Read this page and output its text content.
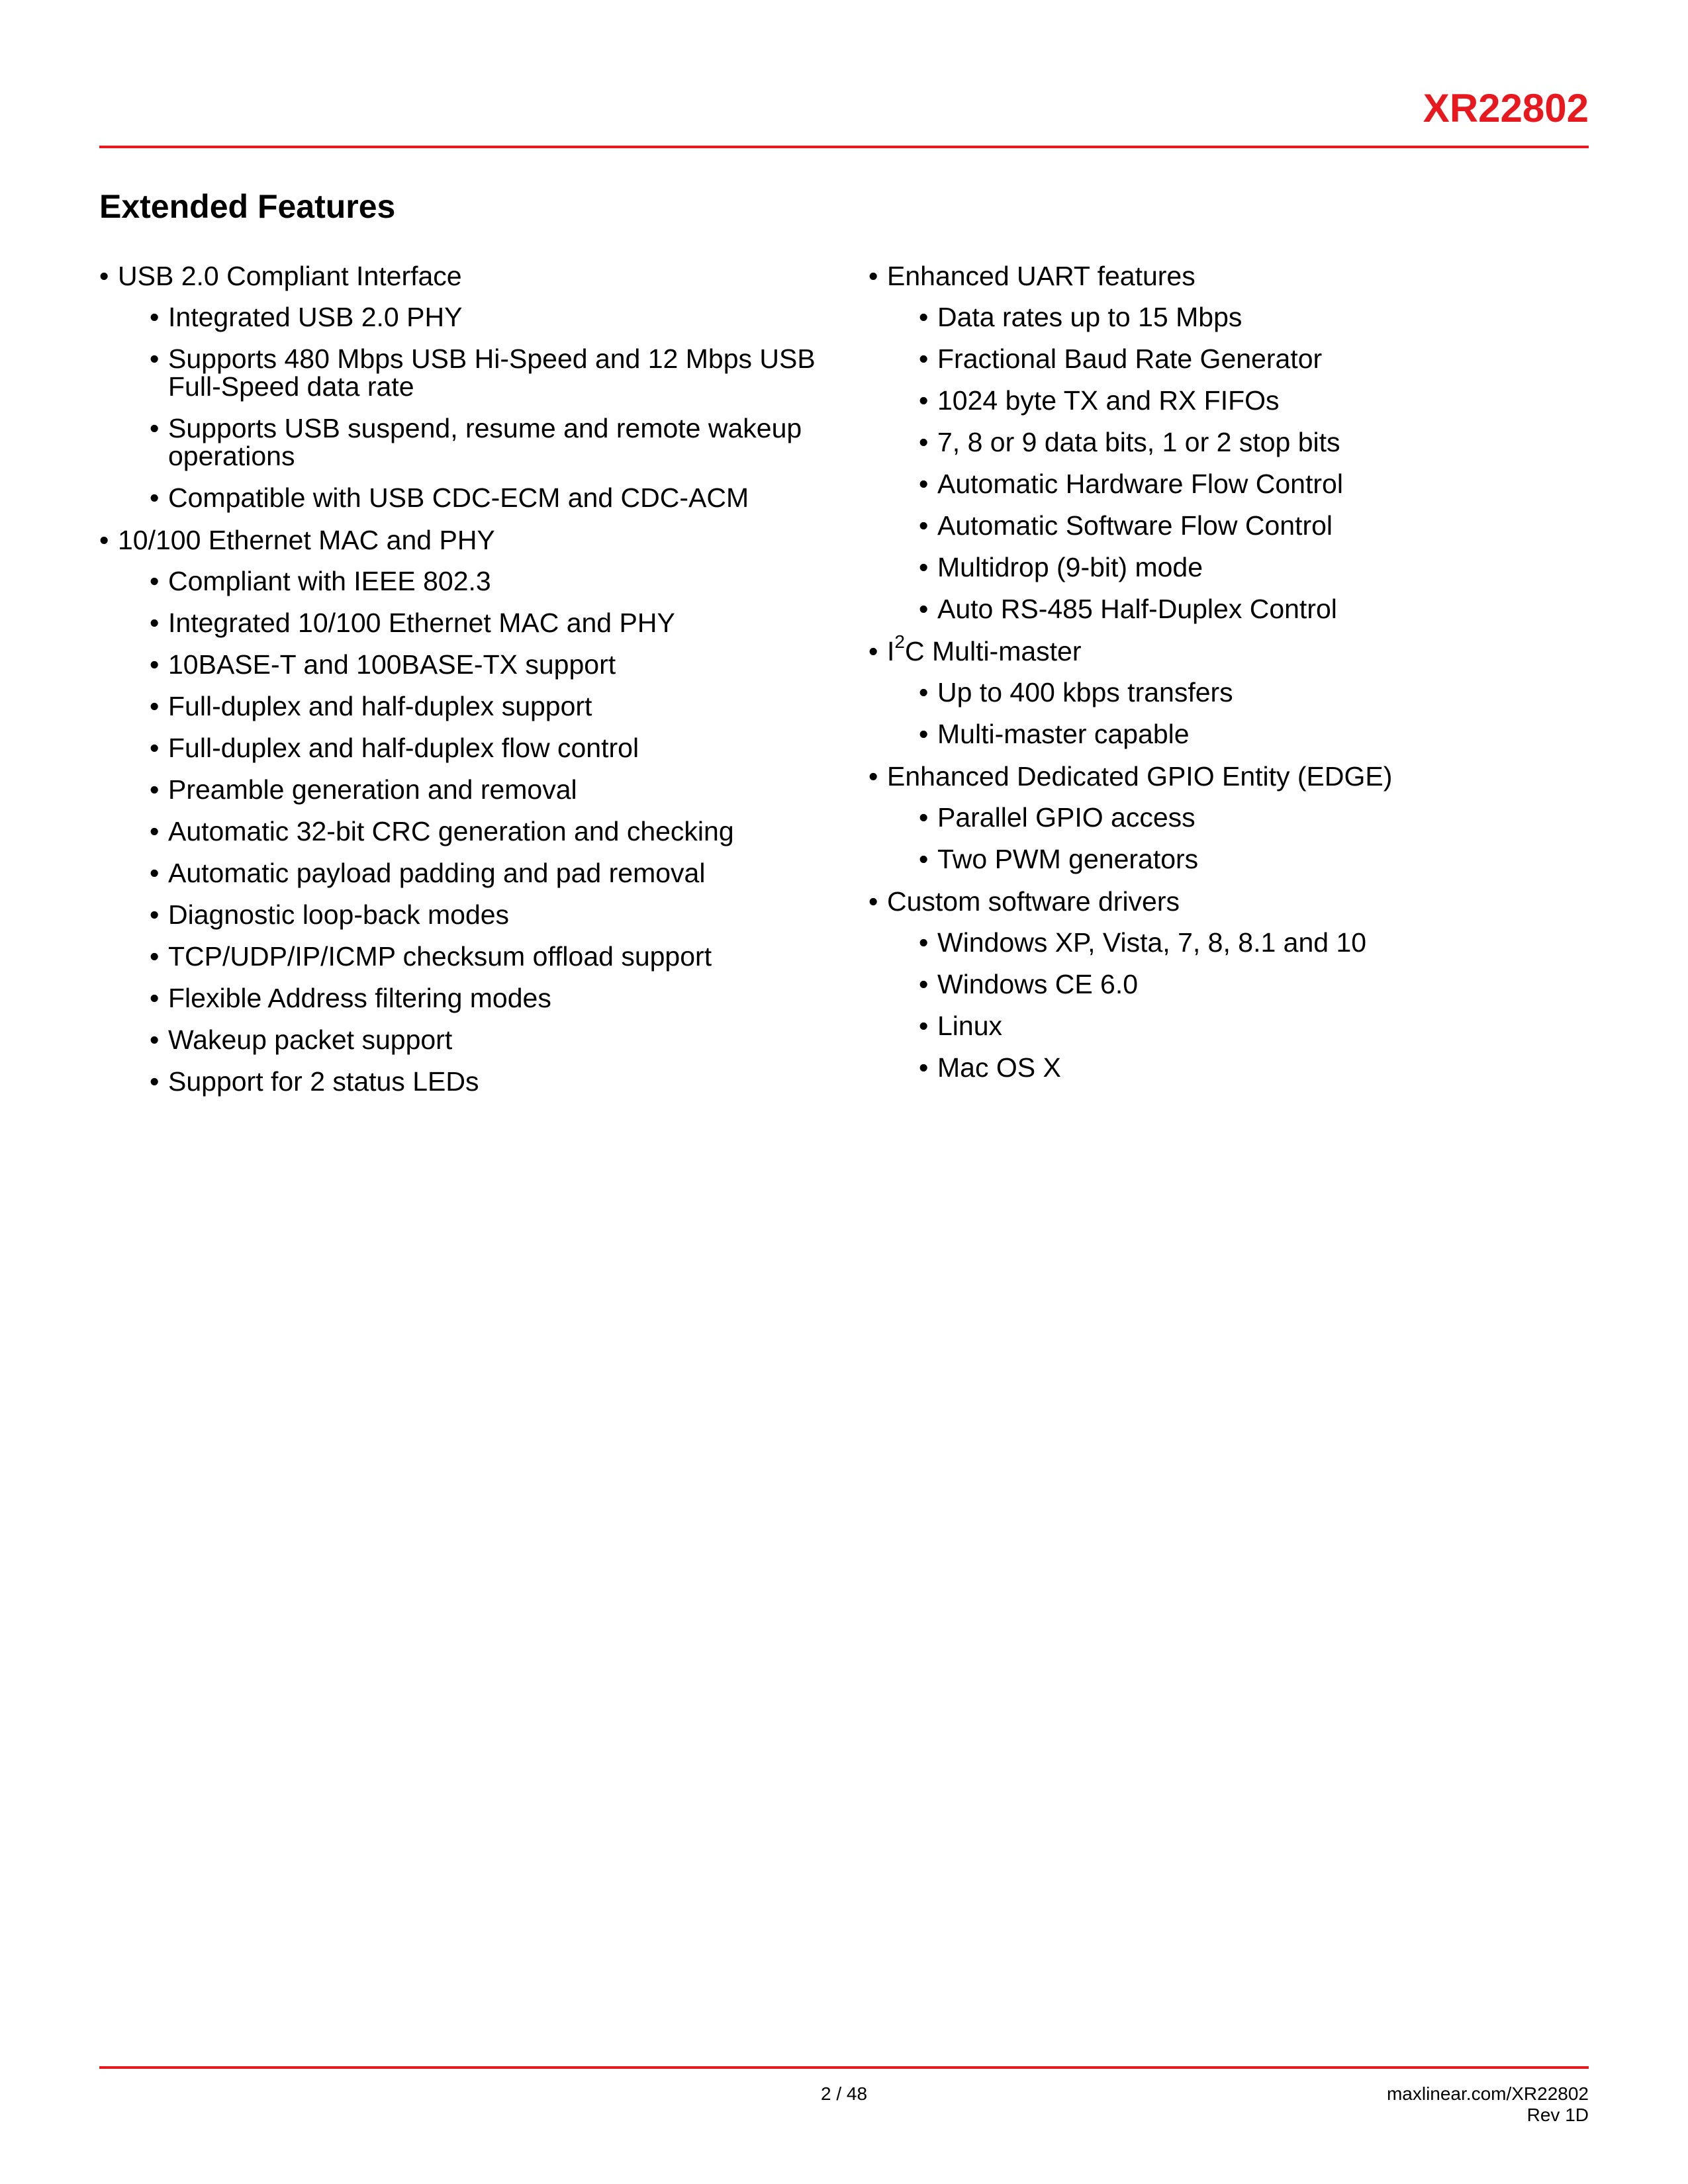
XR22802
Extended Features
• USB 2.0 Compliant Interface
• Integrated USB 2.0 PHY
• Supports 480 Mbps USB Hi-Speed and 12 Mbps USB Full-Speed data rate
• Supports USB suspend, resume and remote wakeup operations
• Compatible with USB CDC-ECM and CDC-ACM
• 10/100 Ethernet MAC and PHY
• Compliant with IEEE 802.3
• Integrated 10/100 Ethernet MAC and PHY
• 10BASE-T and 100BASE-TX support
• Full-duplex and half-duplex support
• Full-duplex and half-duplex flow control
• Preamble generation and removal
• Automatic 32-bit CRC generation and checking
• Automatic payload padding and pad removal
• Diagnostic loop-back modes
• TCP/UDP/IP/ICMP checksum offload support
• Flexible Address filtering modes
• Wakeup packet support
• Support for 2 status LEDs
• Enhanced UART features
• Data rates up to 15 Mbps
• Fractional Baud Rate Generator
• 1024 byte TX and RX FIFOs
• 7, 8 or 9 data bits, 1 or 2 stop bits
• Automatic Hardware Flow Control
• Automatic Software Flow Control
• Multidrop (9-bit) mode
• Auto RS-485 Half-Duplex Control
• $I^2C$ Multi-master
• Up to 400 kbps transfers
• Multi-master capable
• Enhanced Dedicated GPIO Entity (EDGE)
• Parallel GPIO access
• Two PWM generators
• Custom software drivers
• Windows XP, Vista, 7, 8, 8.1 and 10
• Windows CE 6.0
• Linux
• Mac OS X
2 / 48	maxlinear.com/XR22802
Rev 1D
